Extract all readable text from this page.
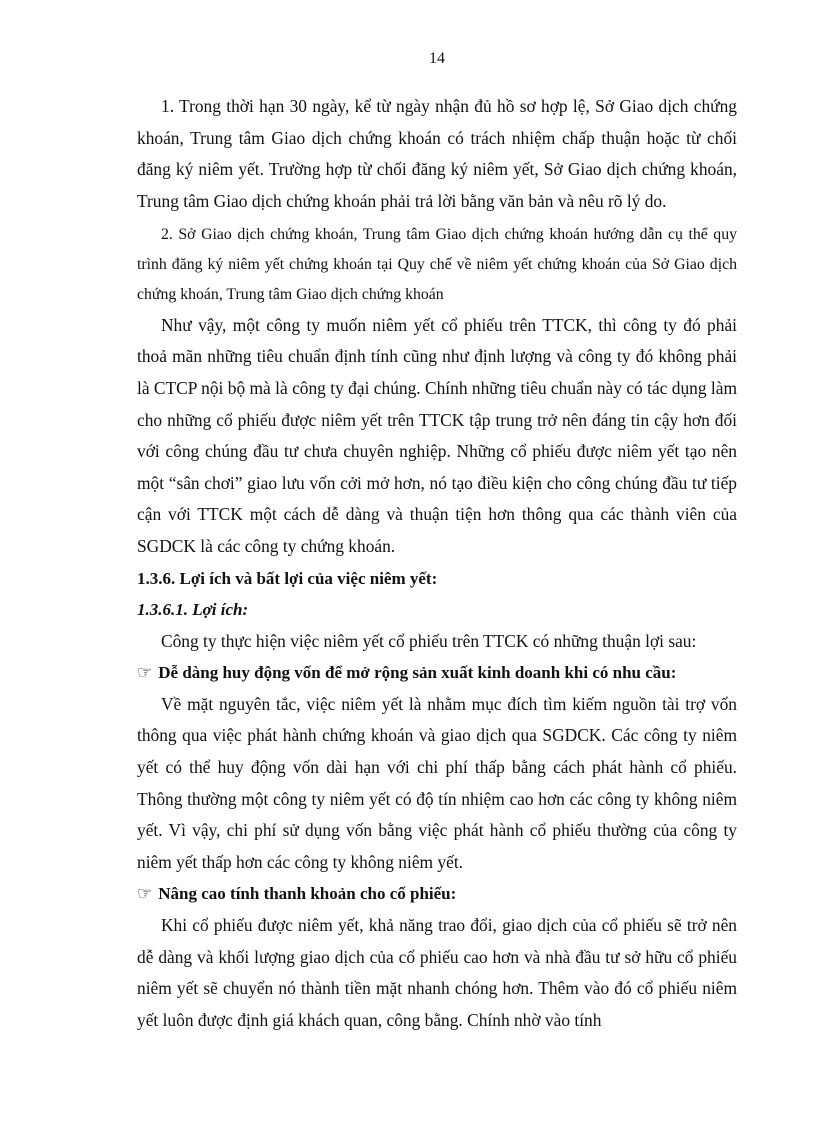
14

1. Trong thời hạn 30 ngày, kể từ ngày nhận đủ hồ sơ hợp lệ, Sở Giao dịch chứng khoán, Trung tâm Giao dịch chứng khoán có trách nhiệm chấp thuận hoặc từ chối đăng ký niêm yết. Trường hợp từ chối đăng ký niêm yết, Sở Giao dịch chứng khoán, Trung tâm Giao dịch chứng khoán phải trả lời bằng văn bản và nêu rõ lý do.

2. Sở Giao dịch chứng khoán, Trung tâm Giao dịch chứng khoán hướng dẫn cụ thể quy trình đăng ký niêm yết chứng khoán tại Quy chế về niêm yết chứng khoán của Sở Giao dịch chứng khoán, Trung tâm Giao dịch chứng khoán

Như vậy, một công ty muốn niêm yết cổ phiếu trên TTCK, thì công ty đó phải thoả mãn những tiêu chuẩn định tính cũng như định lượng và công ty đó không phải là CTCP nội bộ mà là công ty đại chúng. Chính những tiêu chuẩn này có tác dụng làm cho những cổ phiếu được niêm yết trên TTCK tập trung trở nên đáng tin cậy hơn đối với công chúng đầu tư chưa chuyên nghiệp. Những cổ phiếu được niêm yết tạo nên một “sân chơi” giao lưu vốn cởi mở hơn, nó tạo điều kiện cho công chúng đầu tư tiếp cận với TTCK một cách dễ dàng và thuận tiện hơn thông qua các thành viên của SGDCK là các công ty chứng khoán.

1.3.6. Lợi ích và bất lợi của việc niêm yết:

1.3.6.1. Lợi ích:

Công ty thực hiện việc niêm yết cổ phiếu trên TTCK có những thuận lợi sau:

☞ Dễ dàng huy động vốn để mở rộng sản xuất kinh doanh khi có nhu cầu:

Về mặt nguyên tắc, việc niêm yết là nhằm mục đích tìm kiếm nguồn tài trợ vốn thông qua việc phát hành chứng khoán và giao dịch qua SGDCK. Các công ty niêm yết có thể huy động vốn dài hạn với chi phí thấp bằng cách phát hành cổ phiếu. Thông thường một công ty niêm yết có độ tín nhiệm cao hơn các công ty không niêm yết. Vì vậy, chi phí sử dụng vốn bằng việc phát hành cổ phiếu thường của công ty niêm yết thấp hơn các công ty không niêm yết.

☞ Nâng cao tính thanh khoản cho cổ phiếu:

Khi cổ phiếu được niêm yết, khả năng trao đổi, giao dịch của cổ phiếu sẽ trở nên dễ dàng và khối lượng giao dịch của cổ phiếu cao hơn và nhà đầu tư sở hữu cổ phiếu niêm yết sẽ chuyển nó thành tiền mặt nhanh chóng hơn. Thêm vào đó cổ phiếu niêm yết luôn được định giá khách quan, công bằng. Chính nhờ vào tính
